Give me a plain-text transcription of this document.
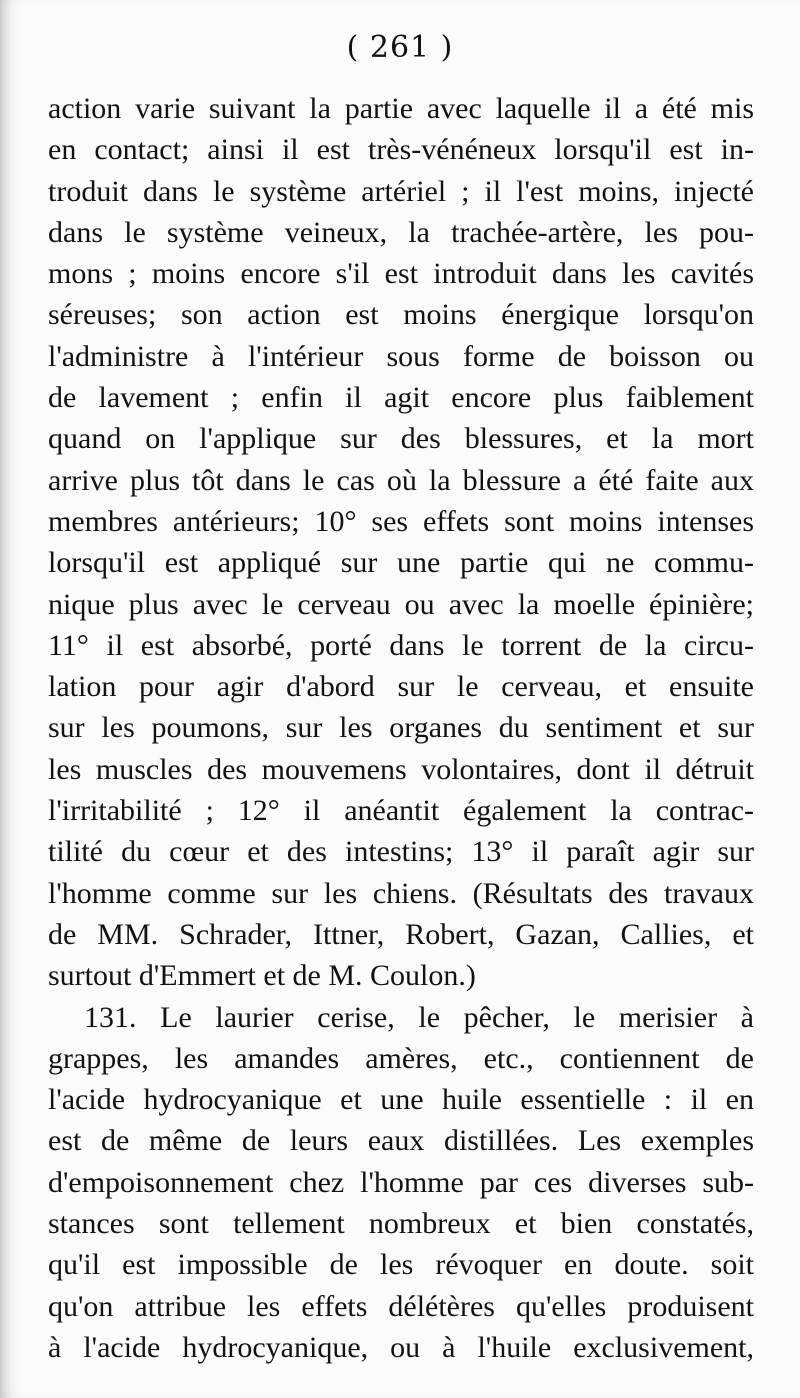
( 261 )
action varie suivant la partie avec laquelle il a été mis
en contact; ainsi il est très-vénéneux lorsqu'il est in-
troduit dans le système artériel ; il l'est moins, injecté
dans le système veineux, la trachée-artère, les pou-
mons ; moins encore s'il est introduit dans les cavités
séreuses; son action est moins énergique lorsqu'on
l'administre à l'intérieur sous forme de boisson ou
de lavement ; enfin il agit encore plus faiblement
quand on l'applique sur des blessures, et la mort
arrive plus tôt dans le cas où la blessure a été faite aux
membres antérieurs; 10° ses effets sont moins intenses
lorsqu'il est appliqué sur une partie qui ne commu-
nique plus avec le cerveau ou avec la moelle épinière;
11° il est absorbé, porté dans le torrent de la circu-
lation pour agir d'abord sur le cerveau, et ensuite
sur les poumons, sur les organes du sentiment et sur
les muscles des mouvemens volontaires, dont il détruit
l'irritabilité ; 12° il anéantit également la contrac-
tilité du cœur et des intestins; 13° il paraît agir sur
l'homme comme sur les chiens. (Résultats des travaux
de MM. Schrader, Ittner, Robert, Gazan, Callies, et
surtout d'Emmert et de M. Coulon.)
131. Le laurier cerise, le pêcher, le merisier à
grappes, les amandes amères, etc., contiennent de
l'acide hydrocyanique et une huile essentielle : il en
est de même de leurs eaux distillées. Les exemples
d'empoisonnement chez l'homme par ces diverses sub-
stances sont tellement nombreux et bien constatés,
qu'il est impossible de les révoquer en doute. soit
qu'on attribue les effets délétères qu'elles produisent
à l'acide hydrocyanique, ou à l'huile exclusivement,
